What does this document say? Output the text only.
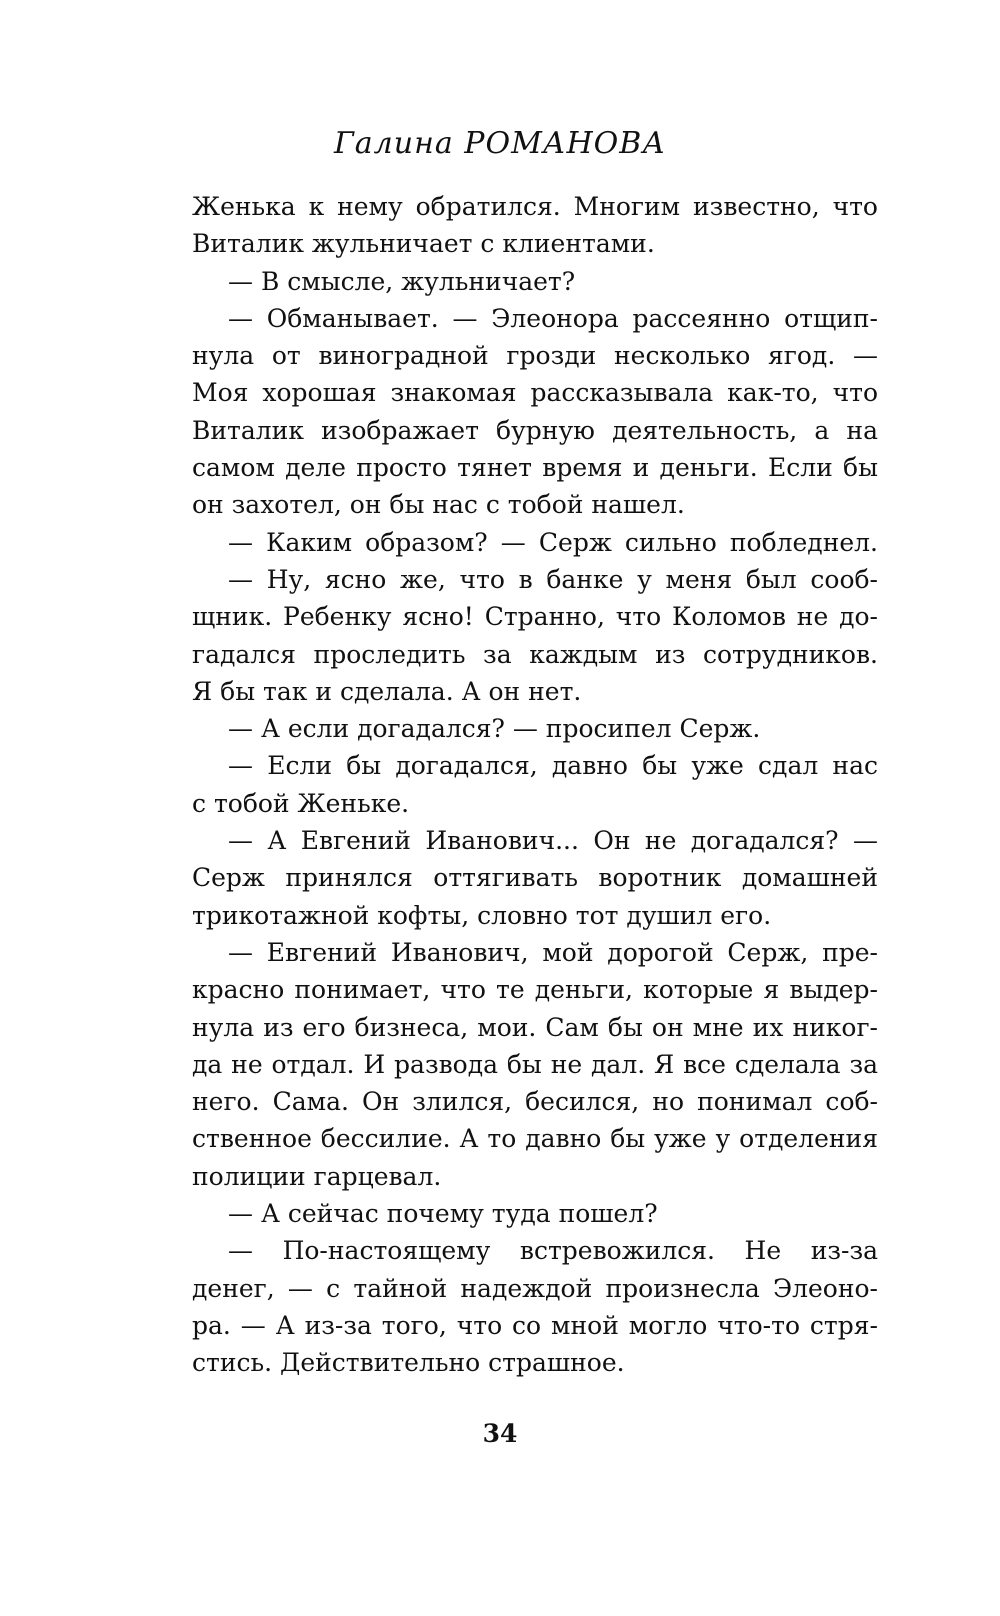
Галина РОМАНОВА
Женька к нему обратился. Многим известно, что
Виталик жульничает с клиентами.
— В смысле, жульничает?
— Обманывает. — Элеонора рассеянно отщип-
нула от виноградной грозди несколько ягод. —
Моя хорошая знакомая рассказывала как-то, что
Виталик изображает бурную деятельность, а на
самом деле просто тянет время и деньги. Если бы
он захотел, он бы нас с тобой нашел.
— Каким образом? — Серж сильно побледнел.
— Ну, ясно же, что в банке у меня был сооб-
щник. Ребенку ясно! Странно, что Коломов не до-
гадался проследить за каждым из сотрудников.
Я бы так и сделала. А он нет.
— А если догадался? — просипел Серж.
— Если бы догадался, давно бы уже сдал нас
с тобой Женьке.
— А Евгений Иванович... Он не догадался? —
Серж принялся оттягивать воротник домашней
трикотажной кофты, словно тот душил его.
— Евгений Иванович, мой дорогой Серж, пре-
красно понимает, что те деньги, которые я выдер-
нула из его бизнеса, мои. Сам бы он мне их никог-
да не отдал. И развода бы не дал. Я все сделала за
него. Сама. Он злился, бесился, но понимал соб-
ственное бессилие. А то давно бы уже у отделения
полиции гарцевал.
— А сейчас почему туда пошел?
— По-настоящему встревожился. Не из-за
денег, — с тайной надеждой произнесла Элеоно-
ра. — А из-за того, что со мной могло что-то стря-
стись. Действительно страшное.
34
